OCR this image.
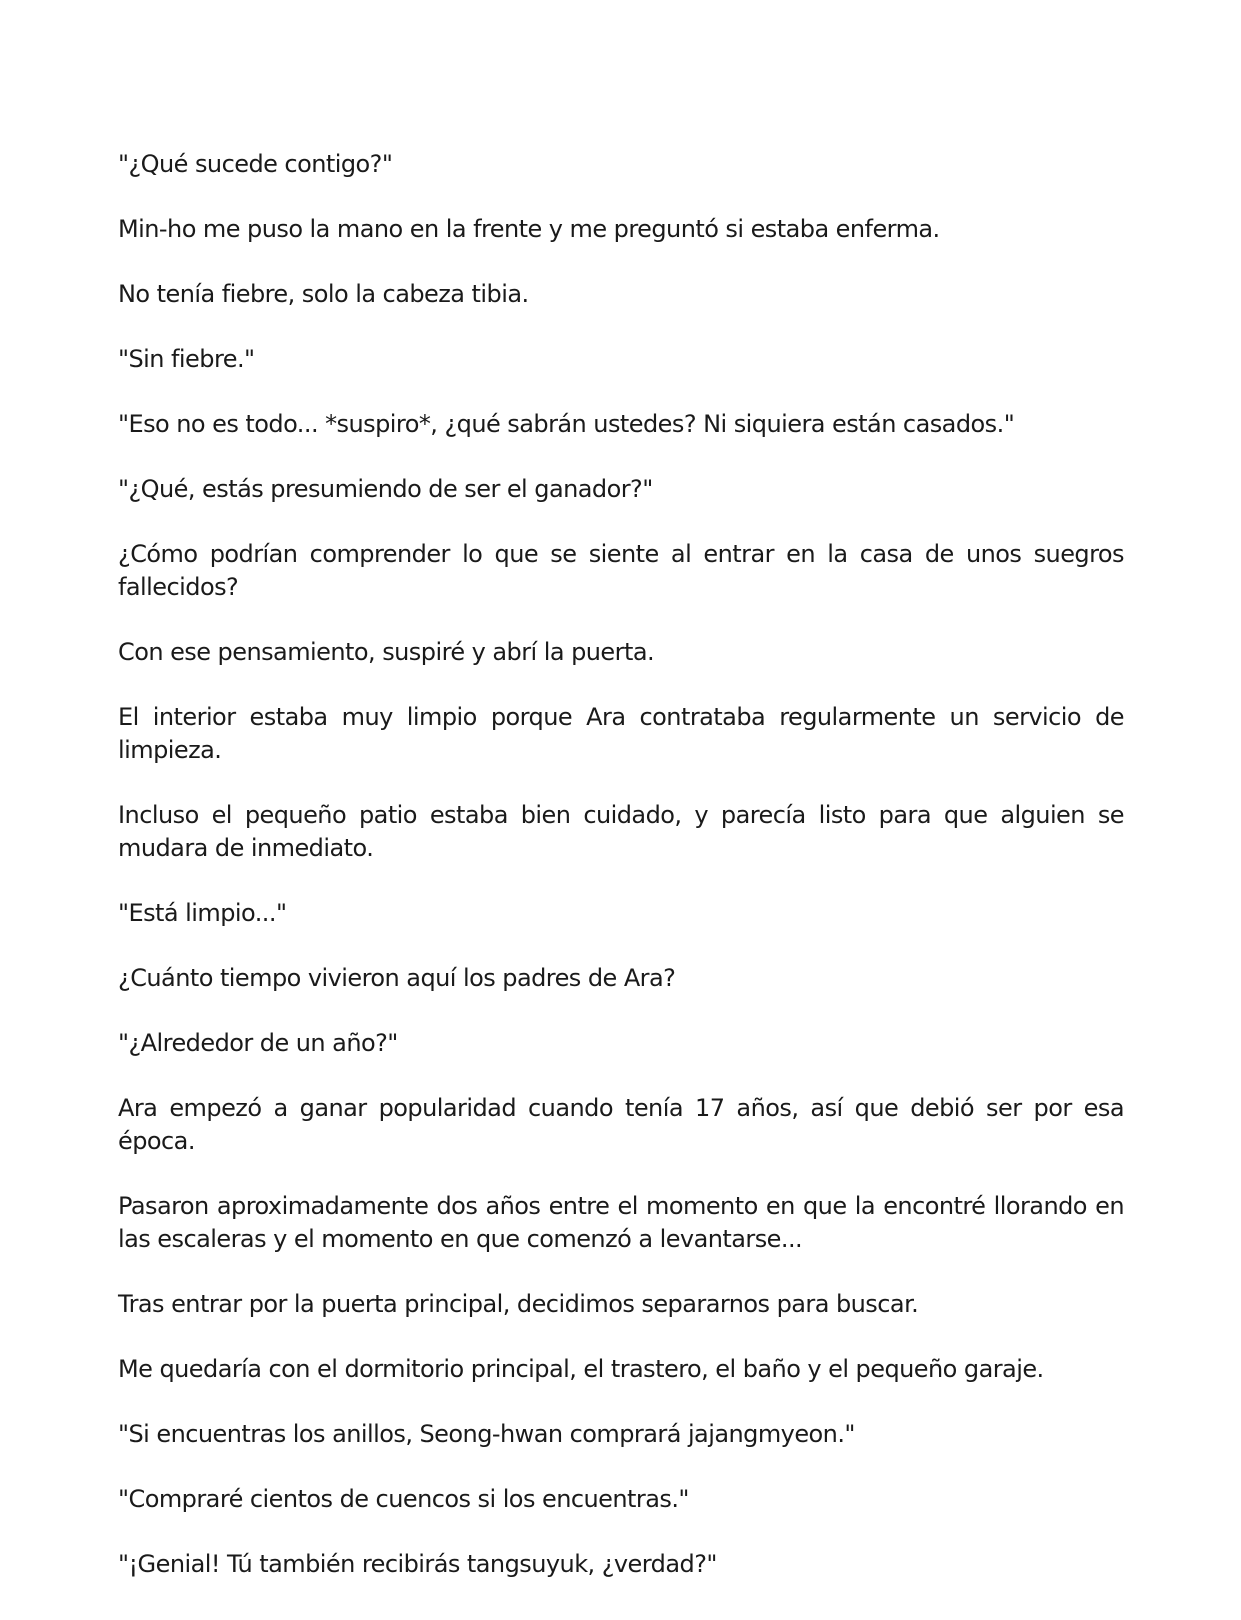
"¿Qué sucede contigo?"

Min-ho me puso la mano en la frente y me preguntó si estaba enferma.

No tenía fiebre, solo la cabeza tibia.

"Sin fiebre."

"Eso no es todo... *suspiro*, ¿qué sabrán ustedes? Ni siquiera están casados."

"¿Qué, estás presumiendo de ser el ganador?"

¿Cómo podrían comprender lo que se siente al entrar en la casa de unos suegros fallecidos?

Con ese pensamiento, suspiré y abrí la puerta.

El interior estaba muy limpio porque Ara contrataba regularmente un servicio de limpieza.

Incluso el pequeño patio estaba bien cuidado, y parecía listo para que alguien se mudara de inmediato.

"Está limpio..."

¿Cuánto tiempo vivieron aquí los padres de Ara?

"¿Alrededor de un año?"

Ara empezó a ganar popularidad cuando tenía 17 años, así que debió ser por esa época.

Pasaron aproximadamente dos años entre el momento en que la encontré llorando en las escaleras y el momento en que comenzó a levantarse...

Tras entrar por la puerta principal, decidimos separarnos para buscar.

Me quedaría con el dormitorio principal, el trastero, el baño y el pequeño garaje.

"Si encuentras los anillos, Seong-hwan comprará jajangmyeon."

"Compraré cientos de cuencos si los encuentras."

"¡Genial! Tú también recibirás tangsuyuk, ¿verdad?"
